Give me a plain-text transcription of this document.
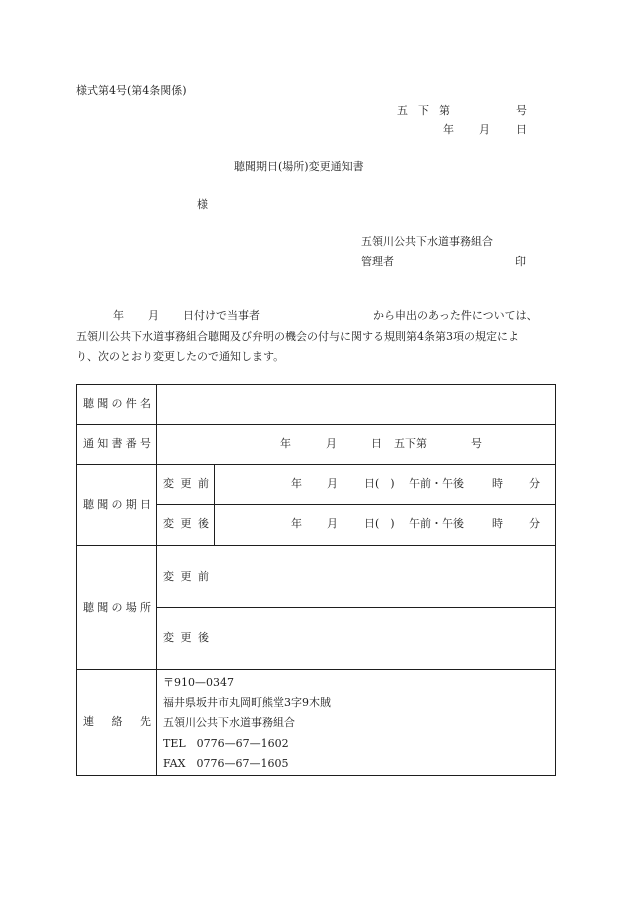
様式第4号(第4条関係)
五 下 第	号
年 月 日
聴聞期日(場所)変更通知書
様
五領川公共下水道事務組合
管理者	印
年 月 日付けで当事者	から申出のあった件については、
五領川公共下水道事務組合聴聞及び弁明の機会の付与に関する規則第4条第3項の規定によ
り、次のとおり変更したので通知します。
聴 聞 の 件 名
通 知 書 番 号	年	月	日 五下第	号
聴 聞 の 期 日
変 更 前	年 月 日(　) 午前・午後	時 分
変 更 後	年 月 日(　) 午前・午後	時 分
聴 聞 の 場 所
変 更 前
変 更 後
連 絡 先
〒910—0347
福井県坂井市丸岡町熊堂3字9木賊
五領川公共下水道事務組合
TEL　0776—67—1602
FAX　0776—67—1605
